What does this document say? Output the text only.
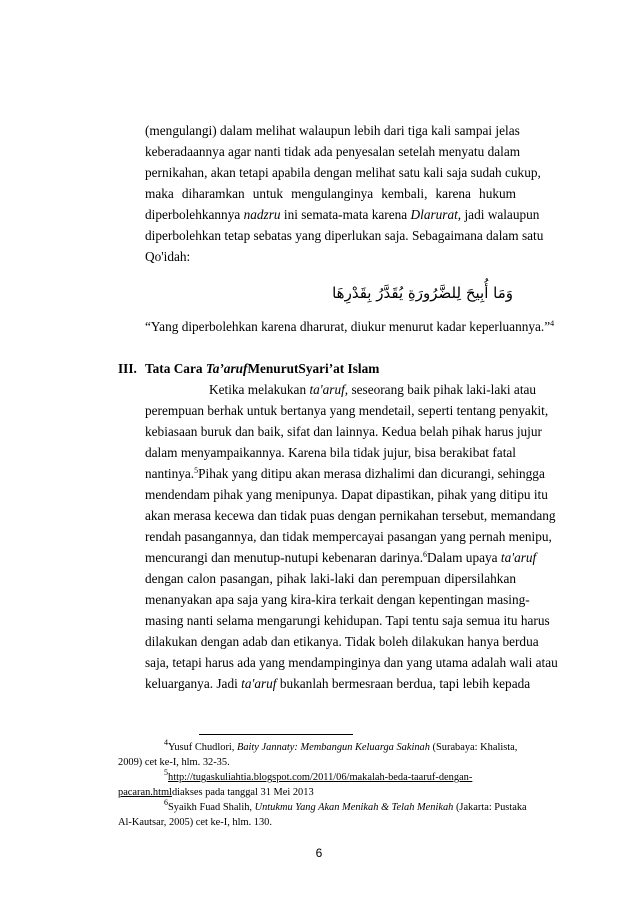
(mengulangi) dalam melihat walaupun lebih dari tiga kali sampai jelas
keberadaannya agar nanti tidak ada penyesalan setelah menyatu dalam
pernikahan, akan tetapi apabila dengan melihat satu kali saja sudah cukup,
maka diharamkan untuk mengulanginya kembali, karena hukum
diperbolehkannya nadzru ini semata-mata karena Dlarurat, jadi walaupun
diperbolehkan tetap sebatas yang diperlukan saja. Sebagaimana dalam satu
Qo'idah:
وَمَا أُبِيحَ لِلضَّرُورَةِ يُقَدَّرُ بِقَدْرِهَا
“Yang diperbolehkan karena dharurat, diukur menurut kadar keperluannya.”$^4$
III. Tata Cara Ta’arufMenurutSyari’at Islam
Ketika melakukan ta'aruf, seseorang baik pihak laki-laki atau
perempuan berhak untuk bertanya yang mendetail, seperti tentang penyakit,
kebiasaan buruk dan baik, sifat dan lainnya. Kedua belah pihak harus jujur
dalam menyampaikannya. Karena bila tidak jujur, bisa berakibat fatal
nantinya.$^5$Pihak yang ditipu akan merasa dizhalimi dan dicurangi, sehingga
mendendam pihak yang menipunya. Dapat dipastikan, pihak yang ditipu itu
akan merasa kecewa dan tidak puas dengan pernikahan tersebut, memandang
rendah pasangannya, dan tidak mempercayai pasangan yang pernah menipu,
mencurangi dan menutup-nutupi kebenaran darinya.$^6$Dalam upaya ta'aruf
dengan calon pasangan, pihak laki-laki dan perempuan dipersilahkan
menanyakan apa saja yang kira-kira terkait dengan kepentingan masing-
masing nanti selama mengarungi kehidupan. Tapi tentu saja semua itu harus
dilakukan dengan adab dan etikanya. Tidak boleh dilakukan hanya berdua
saja, tetapi harus ada yang mendampinginya dan yang utama adalah wali atau
keluarganya. Jadi ta'aruf bukanlah bermesraan berdua, tapi lebih kepada
$^4$Yusuf Chudlori, Baity Jannaty: Membangun Keluarga Sakinah (Surabaya: Khalista,
2009) cet ke-I, hlm. 32-35.
$^5$http://tugaskuliahtia.blogspot.com/2011/06/makalah-beda-taaruf-dengan-
pacaran.htmldiakses pada tanggal 31 Mei 2013
$^6$Syaikh Fuad Shalih, Untukmu Yang Akan Menikah & Telah Menikah (Jakarta: Pustaka
Al-Kautsar, 2005) cet ke-I, hlm. 130.
6
